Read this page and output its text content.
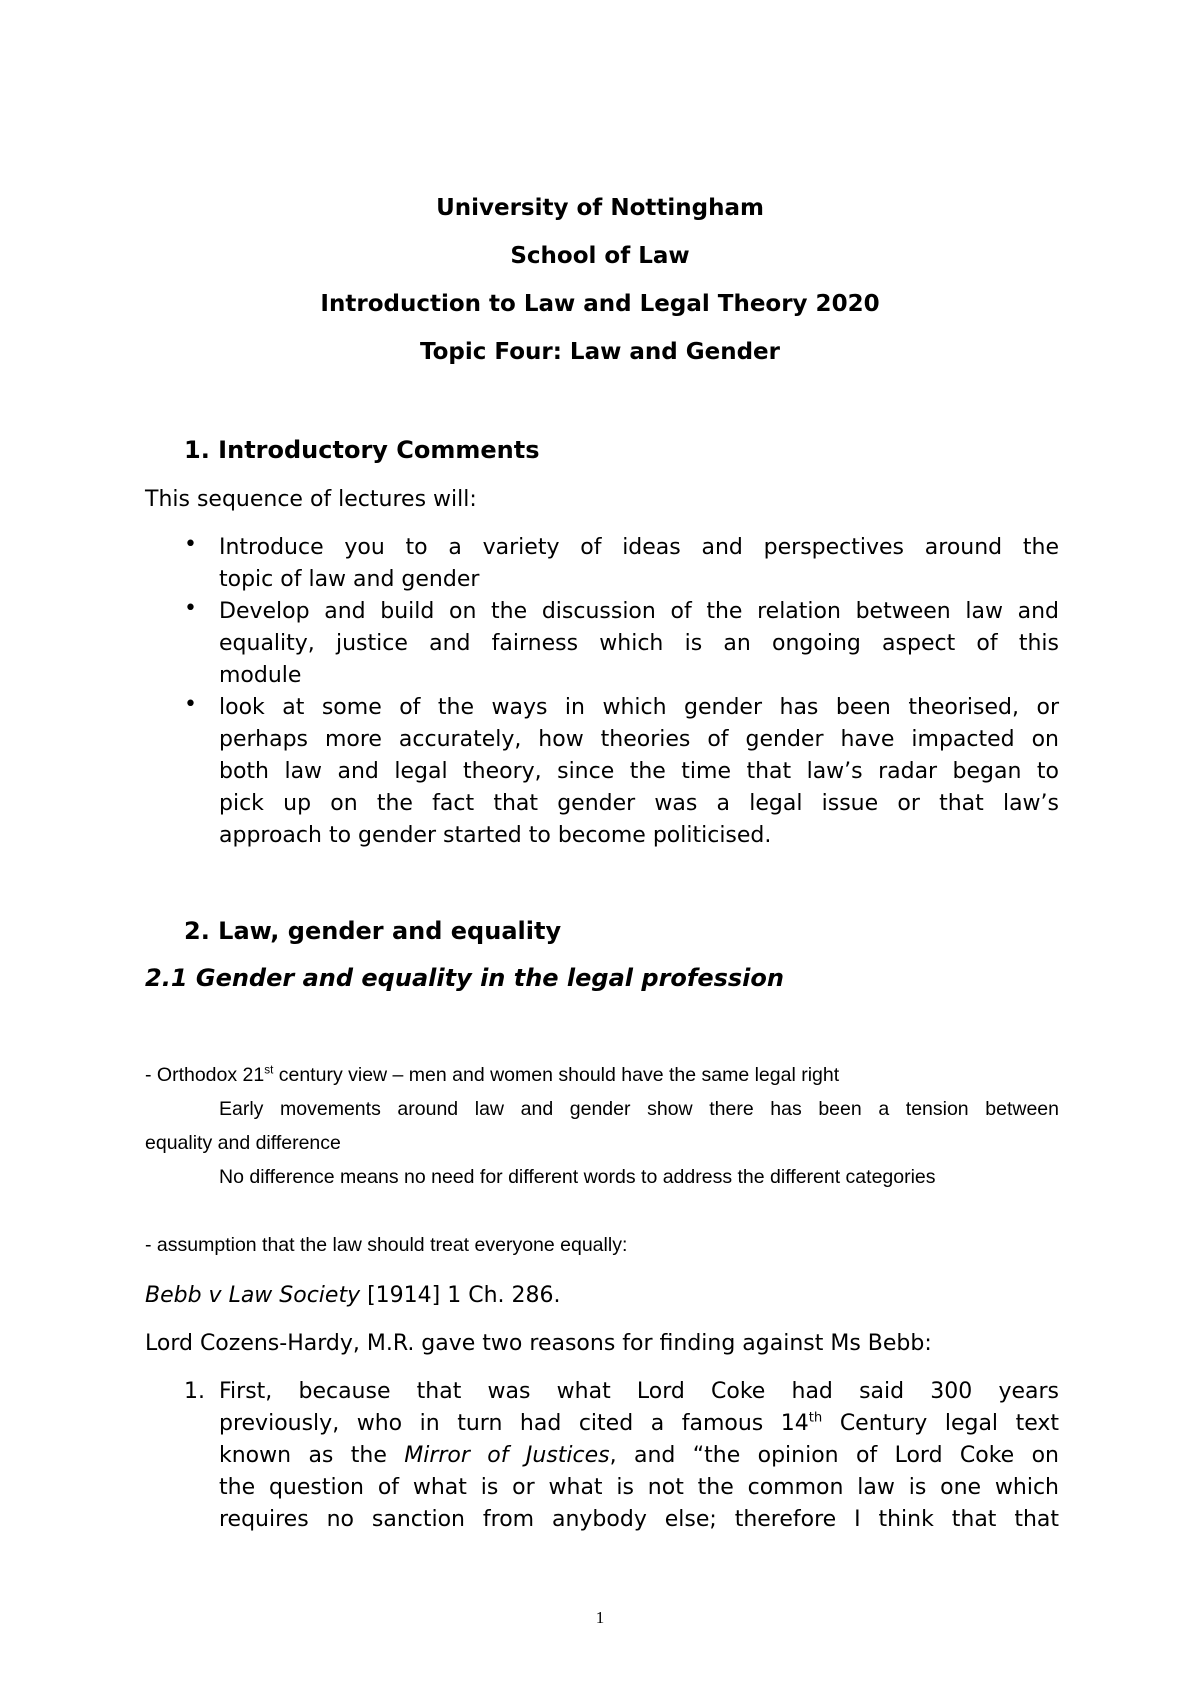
University of Nottingham
School of Law
Introduction to Law and Legal Theory 2020
Topic Four: Law and Gender
1. Introductory Comments
This sequence of lectures will:
• Introduce you to a variety of ideas and perspectives around the
topic of law and gender
• Develop and build on the discussion of the relation between law and
equality, justice and fairness which is an ongoing aspect of this
module
• look at some of the ways in which gender has been theorised, or
perhaps more accurately, how theories of gender have impacted on
both law and legal theory, since the time that law’s radar began to
pick up on the fact that gender was a legal issue or that law’s
approach to gender started to become politicised.
2. Law, gender and equality
2.1 Gender and equality in the legal profession
- Orthodox 21st century view – men and women should have the same legal right
Early movements around law and gender show there has been a tension between
equality and difference
No difference means no need for different words to address the different categories
- assumption that the law should treat everyone equally:
Bebb v Law Society [1914] 1 Ch. 286.
Lord Cozens-Hardy, M.R. gave two reasons for finding against Ms Bebb:
1. First, because that was what Lord Coke had said 300 years
previously, who in turn had cited a famous 14th Century legal text
known as the Mirror of Justices, and “the opinion of Lord Coke on
the question of what is or what is not the common law is one which
requires no sanction from anybody else; therefore I think that that
1
